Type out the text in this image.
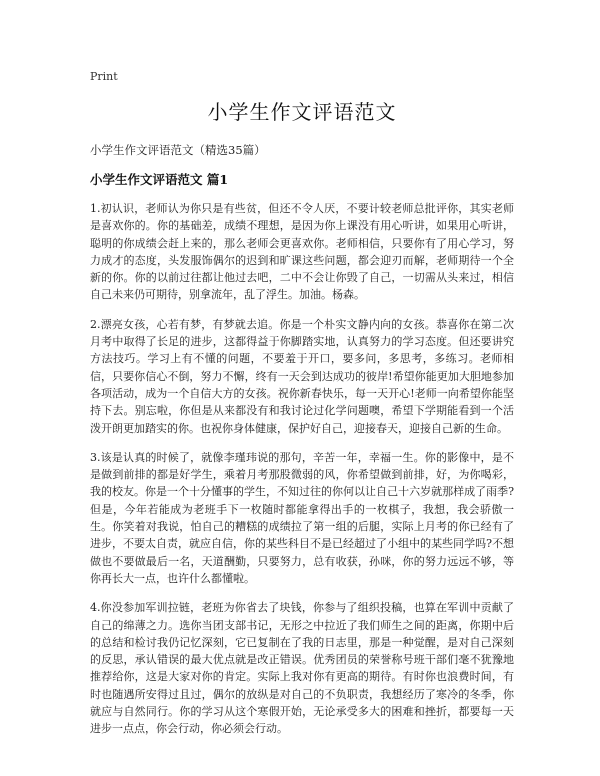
Print
小学生作文评语范文
小学生作文评语范文（精选35篇）
小学生作文评语范文 篇1

1.初认识，老师认为你只是有些贫，但还不令人厌，不要计较老师总批评你，其实老师是喜欢你的。你的基础差，成绩不理想，是因为你上课没有用心听讲，如果用心听讲，聪明的你成绩会赶上来的，那么老师会更喜欢你。老师相信，只要你有了用心学习，努力成才的态度，头发服饰偶尔的迟到和旷课这些问题，都会迎刃而解，老师期待一个全新的你。你的以前过往都让他过去吧，二中不会让你毁了自己，一切需从头来过，相信自己未来仍可期待，别拿流年，乱了浮生。加油。杨森。

2.漂亮女孩，心若有梦，有梦就去追。你是一个朴实文静内向的女孩。恭喜你在第二次月考中取得了长足的进步，这都得益于你脚踏实地，认真努力的学习态度。但还要讲究方法技巧。学习上有不懂的问题，不要羞于开口，要多问，多思考，多练习。老师相信，只要你信心不倒，努力不懈，终有一天会到达成功的彼岸!希望你能更加大胆地参加各项活动，成为一个自信大方的女孩。祝你新春快乐，每一天开心!老师一向希望你能坚持下去。别忘啦，你但是从来都没有和我讨论过化学问题噢，希望下学期能看到一个活泼开朗更加踏实的你。也祝你身体健康，保护好自己，迎接春天，迎接自己新的生命。

3.该是认真的时候了，就像李瑾玮说的那句，辛苦一年，幸福一生。你的影像中，是不是做到前排的都是好学生，乘着月考那股微弱的风，你希望做到前排，好，为你喝彩，我的校友。你是一个十分懂事的学生，不知过往的你何以让自己十六岁就那样成了雨季?但是，今年若能成为老班手下一枚随时都能拿得出手的一枚棋子，我想，我会骄傲一生。你笑着对我说，怕自己的糟糕的成绩拉了第一组的后腿，实际上月考的你已经有了进步，不要太自责，就应自信，你的某些科目不是已经超过了小组中的某些同学吗?不想做也不要做最后一名，天道酬勤，只要努力，总有收获，孙咪，你的努力远远不够，等你再长大一点，也许什么都懂啦。

4.你没参加军训拉链，老班为你省去了块钱，你参与了组织投稿，也算在军训中贡献了自己的绵薄之力。选你当团支部书记，无形之中拉近了我们师生之间的距离，你期中后的总结和检讨我仍记忆深刻，它已复制在了我的日志里，那是一种觉醒，是对自己深刻的反思，承认错误的最大优点就是改正错误。优秀团员的荣誉称号班干部们毫不犹豫地推荐给你，这是大家对你的肯定。实际上我对你有更高的期待。有时你也浪费时间，有时也随遇所安得过且过，偶尔的放纵是对自己的不负职责，我想经历了寒冷的冬季，你就应与自然同行。你的学习从这个寒假开始，无论承受多大的困难和挫折，都要每一天进步一点点，你会行动，你必须会行动。
